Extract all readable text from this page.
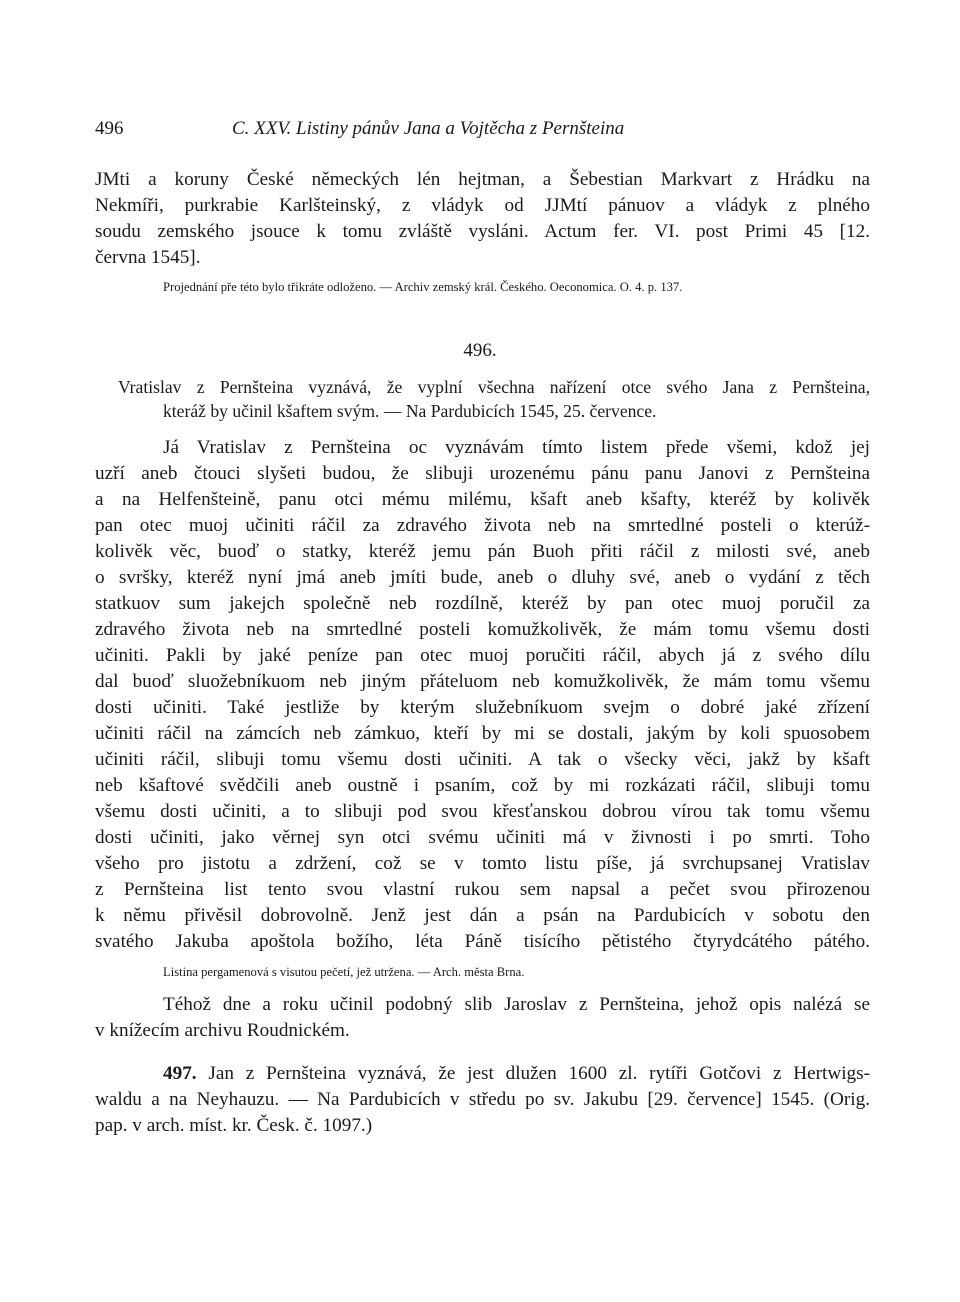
496	C. XXV. Listiny pánův Jana a Vojtěcha z Pernšteina
JMti a koruny České německých lén hejtman, a Šebestian Markvart z Hrádku na
Nekmíři, purkrabie Karlšteinský, z vládyk od JJMtí pánuov a vládyk z plného
soudu zemského jsouce k tomu zvláště vysláni. Actum fer. VI. post Primi 45 [12.
června 1545].
Projednání pře této bylo třikráte odloženo. — Archiv zemský král. Českého. Oeconomica. O. 4. p. 137.
496.
Vratislav z Pernšteina vyznává, že vyplní všechna nařízení otce svého Jana z Pernšteina,
kteráž by učinil kšaftem svým. — Na Pardubicích 1545, 25. července.
Já Vratislav z Pernšteina oc vyznávám tímto listem přede všemi, kdož jej
uzří aneb čtouci slyšeti budou, že slibuji urozenému pánu panu Janovi z Pernšteina
a na Helfenšteině, panu otci mému milému, kšaft aneb kšafty, kteréž by kolivěk
pan otec muoj učiniti ráčil za zdravého života neb na smrtedlné posteli o kterúž-
kolivěk věc, buoď o statky, kteréž jemu pán Buoh přiti ráčil z milosti své, aneb
o svršky, kteréž nyní jmá aneb jmíti bude, aneb o dluhy své, aneb o vydání z těch
statkuov sum jakejch společně neb rozdílně, kteréž by pan otec muoj poručil za
zdravého života neb na smrtedlné posteli komužkolivěk, že mám tomu všemu dosti
učiniti. Pakli by jaké peníze pan otec muoj poručiti ráčil, abych já z svého dílu
dal buoď sluožebníkuom neb jiným přáteluom neb komužkolivěk, že mám tomu všemu
dosti učiniti. Také jestliže by kterým služebníkuom svejm o dobré jaké zřízení
učiniti ráčil na zámcích neb zámkuo, kteří by mi se dostali, jakým by koli spuosobem
učiniti ráčil, slibuji tomu všemu dosti učiniti. A tak o všecky věci, jakž by kšaft
neb kšaftové svědčili aneb oustně i psaním, což by mi rozkázati ráčil, slibuji tomu
všemu dosti učiniti, a to slibuji pod svou křesťanskou dobrou vírou tak tomu všemu
dosti učiniti, jako věrnej syn otci svému učiniti má v živnosti i po smrti. Toho
všeho pro jistotu a zdržení, což se v tomto listu píše, já svrchupsanej Vratislav
z Pernšteina list tento svou vlastní rukou sem napsal a pečet svou přirozenou
k němu přivěsil dobrovolně. Jenž jest dán a psán na Pardubicích v sobotu den
svatého Jakuba apoštola božího, léta Páně tisícího pětistého čtyrydcátého pátého.
Listina pergamenová s visutou pečetí, jež utržena. — Arch. města Brna.
Téhož dne a roku učinil podobný slib Jaroslav z Pernšteina, jehož opis nalézá se
v knížecím archivu Roudnickém.
497. Jan z Pernšteina vyznává, že jest dlužen 1600 zl. rytíři Gotčovi z Hertwigs-
waldu a na Neyhauzu. — Na Pardubicích v středu po sv. Jakubu [29. července] 1545. (Orig.
pap. v arch. míst. kr. Česk. č. 1097.)
